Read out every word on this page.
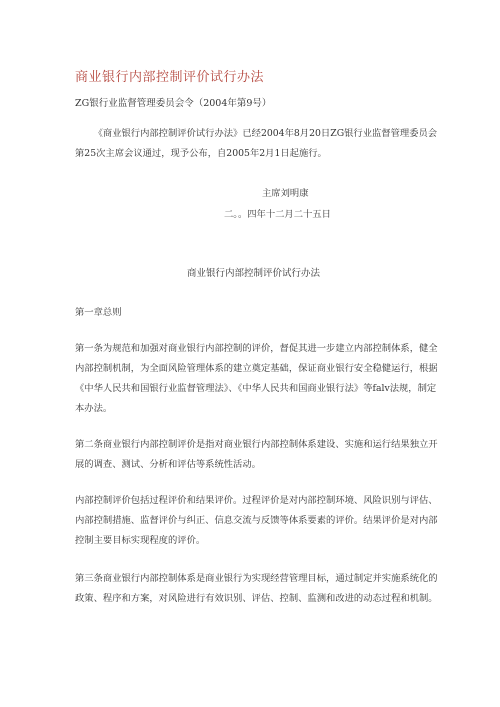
商业银行内部控制评价试行办法
ZG银行业监督管理委员会令（2004年第9号）
《商业银行内部控制评价试行办法》已经2004年8月20日ZG银行业监督管理委员会第25次主席会议通过，现予公布，自2005年2月1日起施行。
主席刘明康
二。。四年十二月二十五日
商业银行内部控制评价试行办法
第一章总则
第一条为规范和加强对商业银行内部控制的评价，督促其进一步建立内部控制体系，健全内部控制机制，为全面风险管理体系的建立奠定基础，保证商业银行安全稳健运行，根据《中华人民共和国银行业监督管理法》、《中华人民共和国商业银行法》等falv法规，制定本办法。
第二条商业银行内部控制评价是指对商业银行内部控制体系建设、实施和运行结果独立开展的调查、测试、分析和评估等系统性活动。
内部控制评价包括过程评价和结果评价。过程评价是对内部控制环境、风险识别与评估、内部控制措施、监督评价与纠正、信息交流与反馈等体系要素的评价。结果评价是对内部控制主要目标实现程度的评价。
第三条商业银行内部控制体系是商业银行为实现经营管理目标，通过制定并实施系统化的政策、程序和方案，对风险进行有效识别、评估、控制、监测和改进的动态过程和机制。
